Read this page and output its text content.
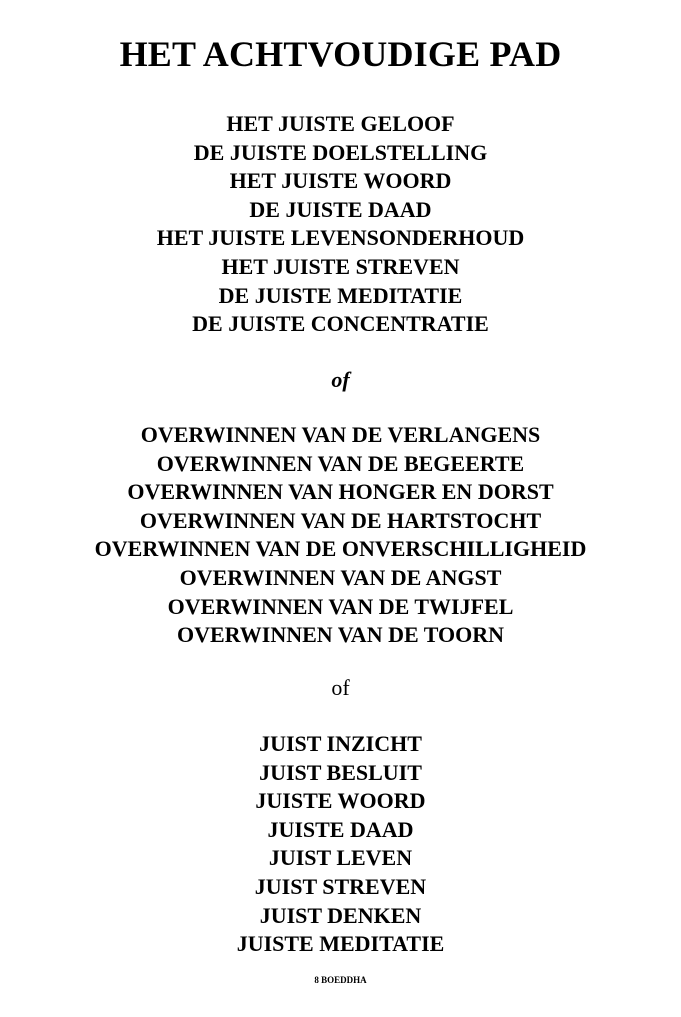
HET ACHTVOUDIGE PAD
HET JUISTE GELOOF
DE JUISTE DOELSTELLING
HET JUISTE WOORD
DE JUISTE DAAD
HET JUISTE LEVENSONDERHOUD
HET JUISTE STREVEN
DE JUISTE MEDITATIE
DE JUISTE CONCENTRATIE
of
OVERWINNEN VAN DE VERLANGENS
OVERWINNEN VAN DE BEGEERTE
OVERWINNEN VAN HONGER EN DORST
OVERWINNEN VAN DE HARTSTOCHT
OVERWINNEN VAN DE ONVERSCHILLIGHEID
OVERWINNEN VAN DE ANGST
OVERWINNEN VAN DE TWIJFEL
OVERWINNEN VAN DE TOORN
of
JUIST INZICHT
JUIST BESLUIT
JUISTE WOORD
JUISTE DAAD
JUIST LEVEN
JUIST STREVEN
JUIST DENKEN
JUISTE MEDITATIE
8 BOEDDHA
